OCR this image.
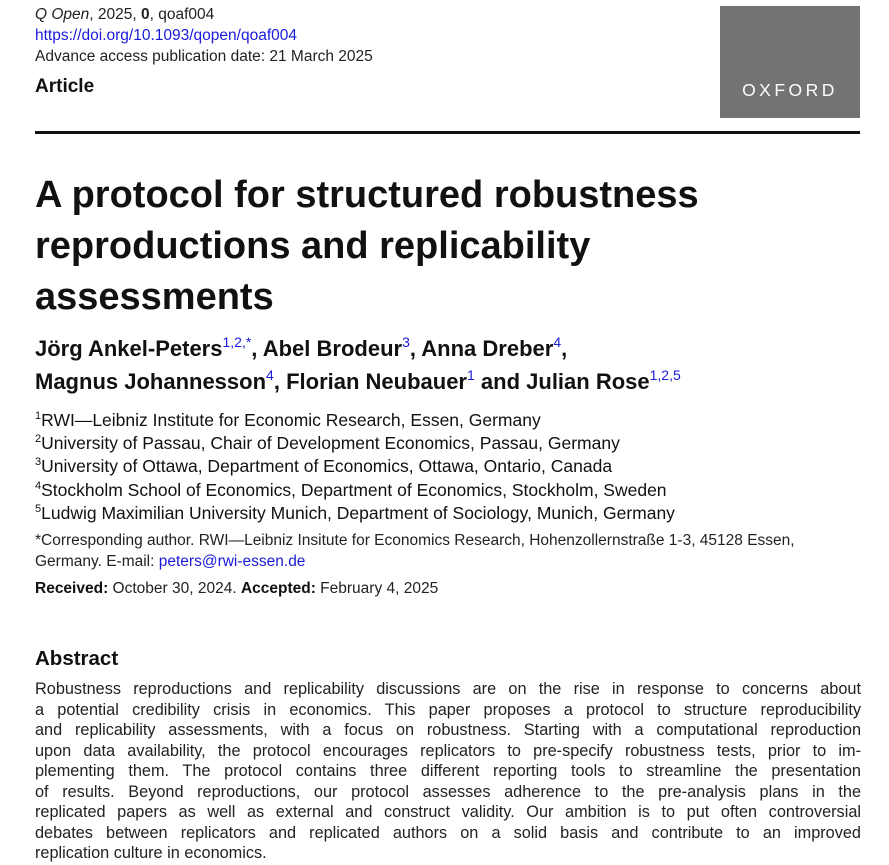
Q Open, 2025, 0, qoaf004
https://doi.org/10.1093/qopen/qoaf004
Advance access publication date: 21 March 2025
Article	OXFORD
A protocol for structured robustness
reproductions and replicability
assessments
Jörg Ankel-Peters$^{1,2,*}$, Abel Brodeur$^3$, Anna Dreber$^4$,
Magnus Johannesson$^4$, Florian Neubauer$^1$ and Julian Rose$^{1,2,5}$
$^1$RWI—Leibniz Institute for Economic Research, Essen, Germany
$^2$University of Passau, Chair of Development Economics, Passau, Germany
$^3$University of Ottawa, Department of Economics, Ottawa, Ontario, Canada
$^4$Stockholm School of Economics, Department of Economics, Stockholm, Sweden
$^5$Ludwig Maximilian University Munich, Department of Sociology, Munich, Germany
*Corresponding author. RWI—Leibniz Insitute for Economics Research, Hohenzollernstraße 1-3, 45128 Essen,
Germany. E-mail: peters@rwi-essen.de
Received: October 30, 2024. Accepted: February 4, 2025
Abstract
Robustness reproductions and replicability discussions are on the rise in response to concerns about
a potential credibility crisis in economics. This paper proposes a protocol to structure reproducibility
and replicability assessments, with a focus on robustness. Starting with a computational reproduction
upon data availability, the protocol encourages replicators to pre-specify robustness tests, prior to im-
plementing them. The protocol contains three different reporting tools to streamline the presentation
of results. Beyond reproductions, our protocol assesses adherence to the pre-analysis plans in the
replicated papers as well as external and construct validity. Our ambition is to put often controversial
debates between replicators and replicated authors on a solid basis and contribute to an improved
replication culture in economics.
